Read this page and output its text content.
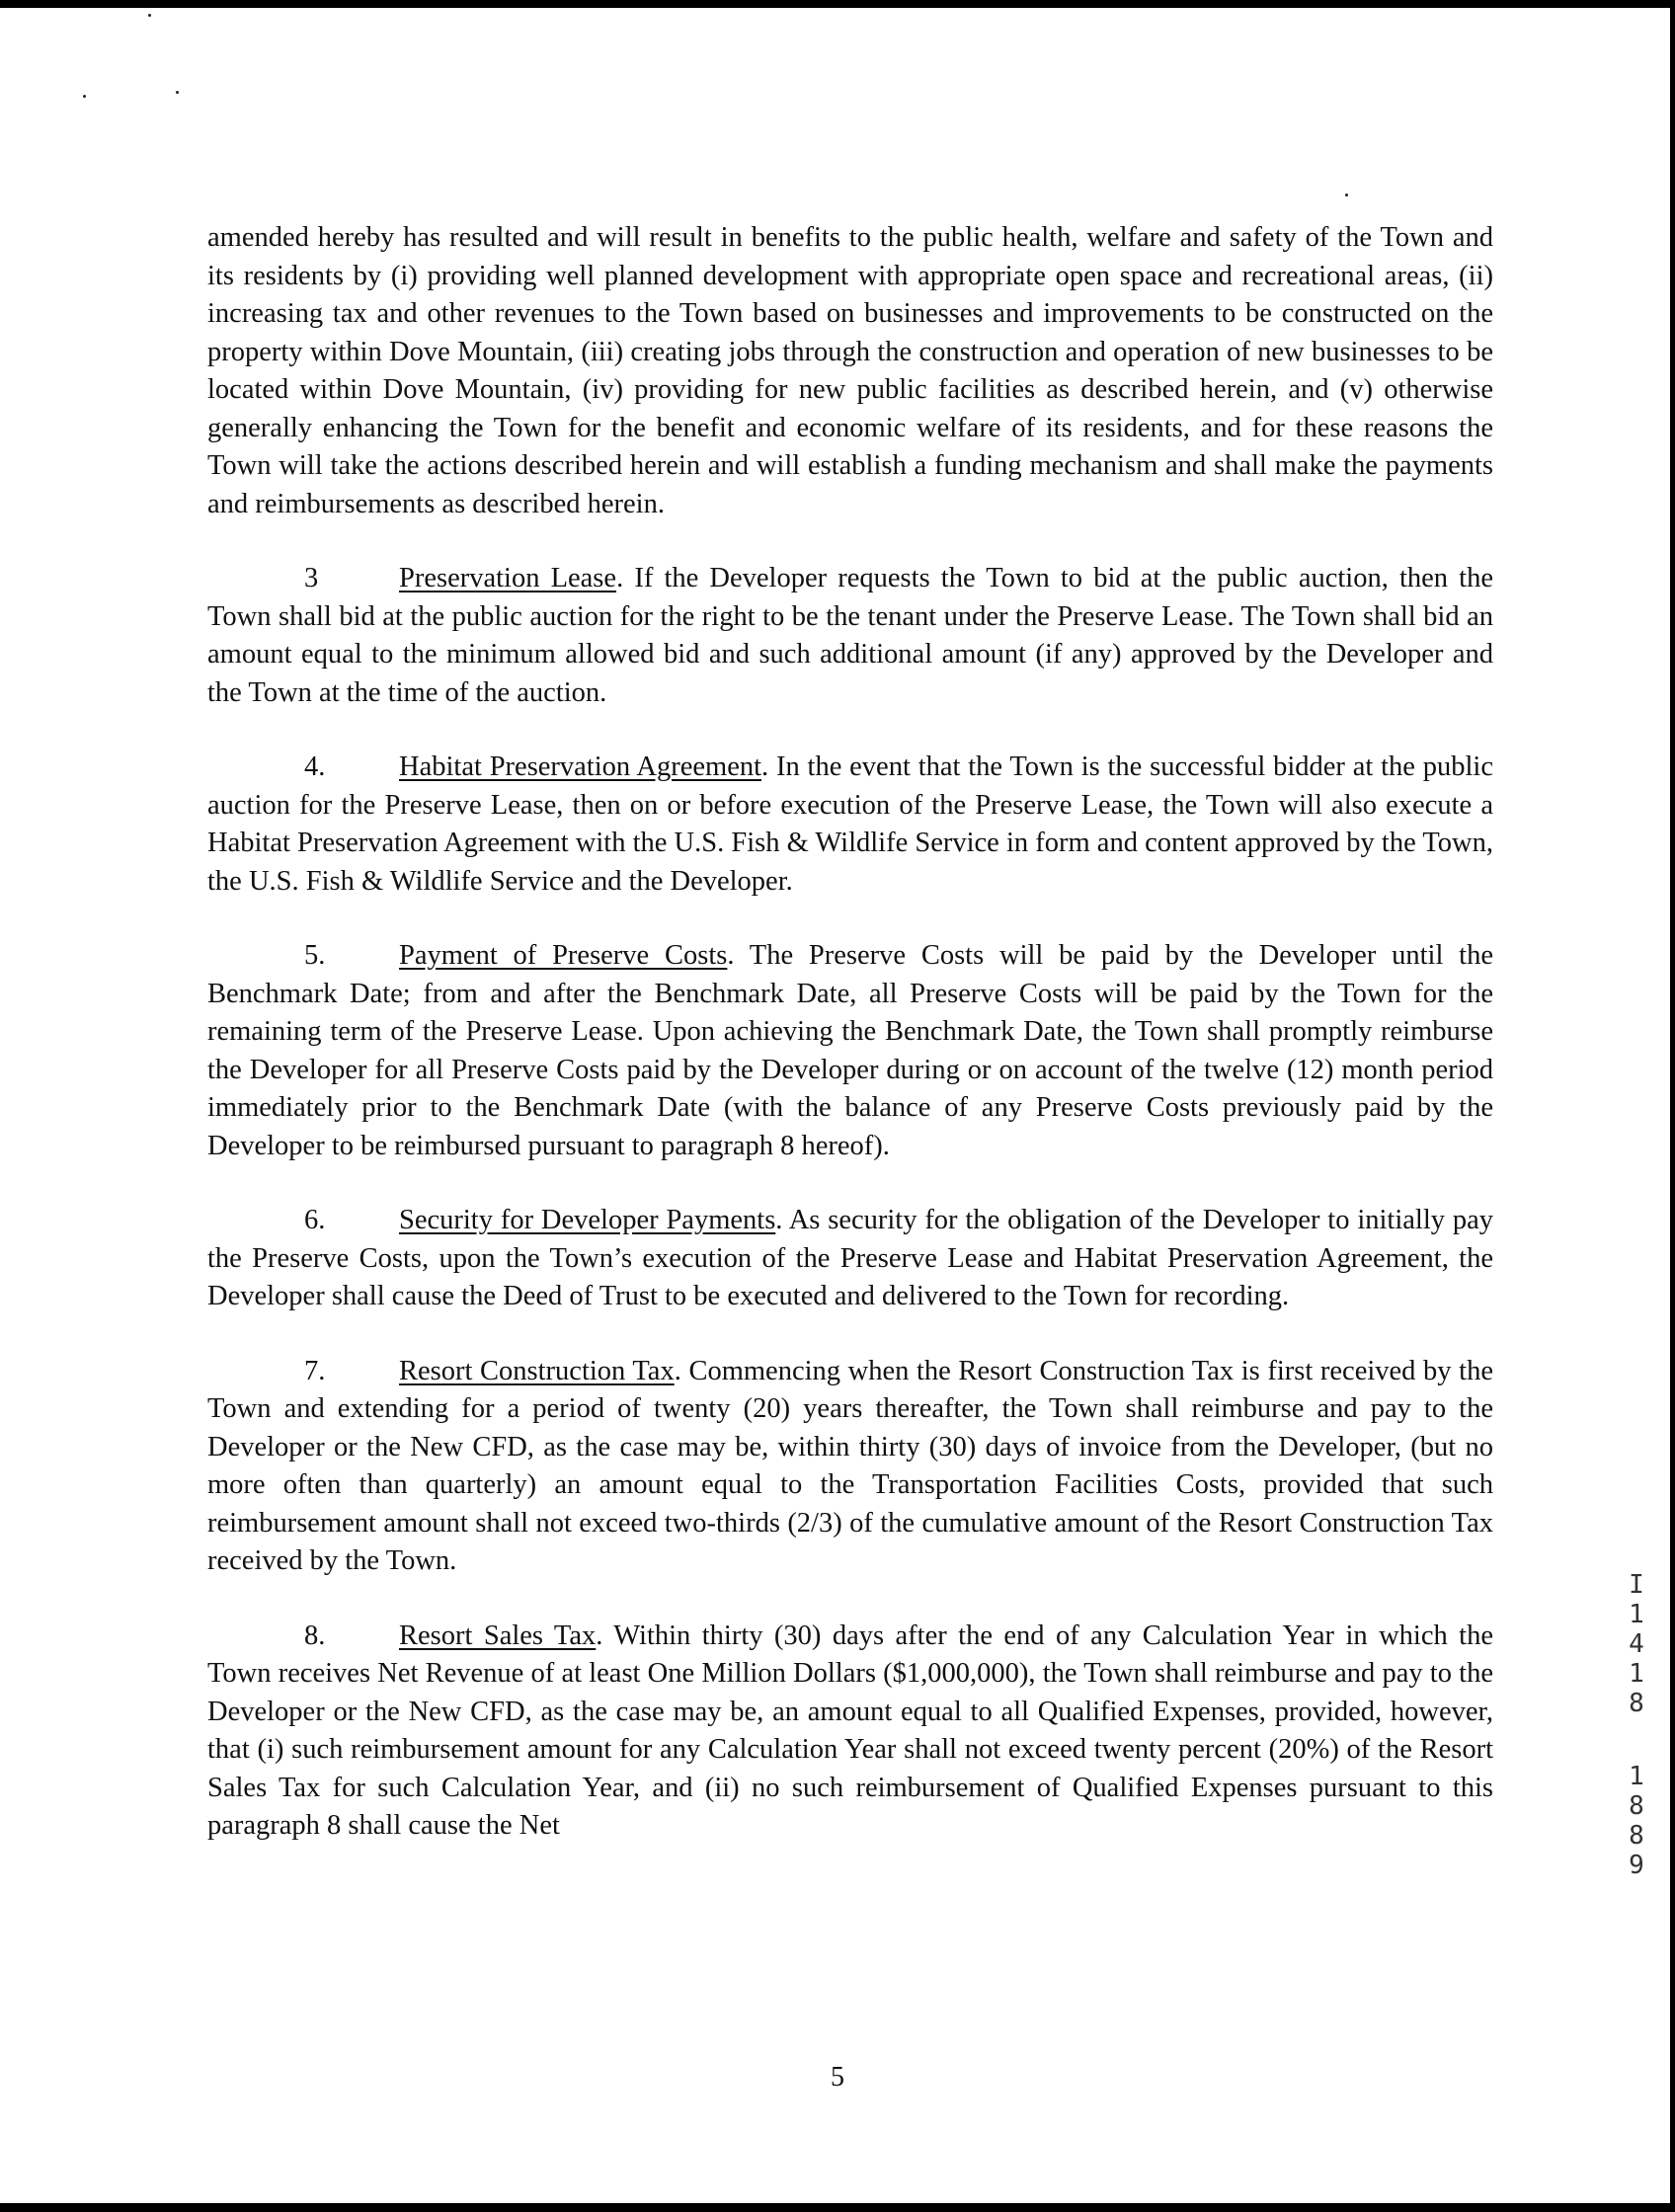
amended hereby has resulted and will result in benefits to the public health, welfare and safety of the Town and its residents by (i) providing well planned development with appropriate open space and recreational areas, (ii) increasing tax and other revenues to the Town based on businesses and improvements to be constructed on the property within Dove Mountain, (iii) creating jobs through the construction and operation of new businesses to be located within Dove Mountain, (iv) providing for new public facilities as described herein, and (v) otherwise generally enhancing the Town for the benefit and economic welfare of its residents, and for these reasons the Town will take the actions described herein and will establish a funding mechanism and shall make the payments and reimbursements as described herein.

3	Preservation Lease. If the Developer requests the Town to bid at the public auction, then the Town shall bid at the public auction for the right to be the tenant under the Preserve Lease. The Town shall bid an amount equal to the minimum allowed bid and such additional amount (if any) approved by the Developer and the Town at the time of the auction.

4.	Habitat Preservation Agreement. In the event that the Town is the successful bidder at the public auction for the Preserve Lease, then on or before execution of the Preserve Lease, the Town will also execute a Habitat Preservation Agreement with the U.S. Fish & Wildlife Service in form and content approved by the Town, the U.S. Fish & Wildlife Service and the Developer.

5.	Payment of Preserve Costs. The Preserve Costs will be paid by the Developer until the Benchmark Date; from and after the Benchmark Date, all Preserve Costs will be paid by the Town for the remaining term of the Preserve Lease. Upon achieving the Benchmark Date, the Town shall promptly reimburse the Developer for all Preserve Costs paid by the Developer during or on account of the twelve (12) month period immediately prior to the Benchmark Date (with the balance of any Preserve Costs previously paid by the Developer to be reimbursed pursuant to paragraph 8 hereof).

6.	Security for Developer Payments. As security for the obligation of the Developer to initially pay the Preserve Costs, upon the Town’s execution of the Preserve Lease and Habitat Preservation Agreement, the Developer shall cause the Deed of Trust to be executed and delivered to the Town for recording.

7.	Resort Construction Tax. Commencing when the Resort Construction Tax is first received by the Town and extending for a period of twenty (20) years thereafter, the Town shall reimburse and pay to the Developer or the New CFD, as the case may be, within thirty (30) days of invoice from the Developer, (but no more often than quarterly) an amount equal to the Transportation Facilities Costs, provided that such reimbursement amount shall not exceed two-thirds (2/3) of the cumulative amount of the Resort Construction Tax received by the Town.

8.	Resort Sales Tax. Within thirty (30) days after the end of any Calculation Year in which the Town receives Net Revenue of at least One Million Dollars ($1,000,000), the Town shall reimburse and pay to the Developer or the New CFD, as the case may be, an amount equal to all Qualified Expenses, provided, however, that (i) such reimbursement amount for any Calculation Year shall not exceed twenty percent (20%) of the Resort Sales Tax for such Calculation Year, and (ii) no such reimbursement of Qualified Expenses pursuant to this paragraph 8 shall cause the Net

I
1
4
1
8
1
8
8
9
5
